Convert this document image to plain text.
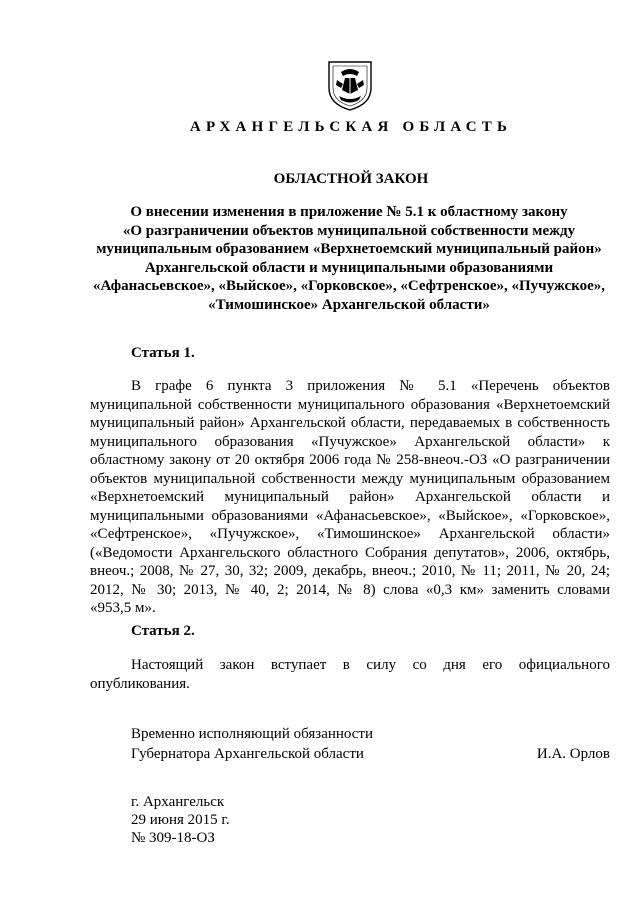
АРХАНГЕЛЬСКАЯ ОБЛАСТЬ
ОБЛАСТНОЙ ЗАКОН
О внесении изменения в приложение № 5.1 к областному закону
«О разграничении объектов муниципальной собственности между
муниципальным образованием «Верхнетоемский муниципальный район»
Архангельской области и муниципальными образованиями
«Афанасьевское», «Выйское», «Горковское», «Сефтренское», «Пучужское»,
«Тимошинское» Архангельской области»
Статья 1.
В графе 6 пункта 3 приложения № 5.1 «Перечень объектов
муниципальной собственности муниципального образования «Верхнетоемский
муниципальный район» Архангельской области, передаваемых в собственность
муниципального образования «Пучужское» Архангельской области» к
областному закону от 20 октября 2006 года № 258-внеоч.-ОЗ «О разграничении
объектов муниципальной собственности между муниципальным образованием
«Верхнетоемский муниципальный район» Архангельской области и
муниципальными образованиями «Афанасьевское», «Выйское», «Горковское»,
«Сефтренское», «Пучужское», «Тимошинское» Архангельской области»
(«Ведомости Архангельского областного Собрания депутатов», 2006, октябрь,
внеоч.; 2008, № 27, 30, 32; 2009, декабрь, внеоч.; 2010, № 11; 2011, № 20, 24;
2012, № 30; 2013, № 40, 2; 2014, № 8) слова «0,3 км» заменить словами
«953,5 м».
Статья 2.
Настоящий закон вступает в силу со дня его официального
опубликования.
Временно исполняющий обязанности
Губернатора Архангельской области	И.А. Орлов
г. Архангельск
29 июня 2015 г.
№ 309-18-ОЗ
